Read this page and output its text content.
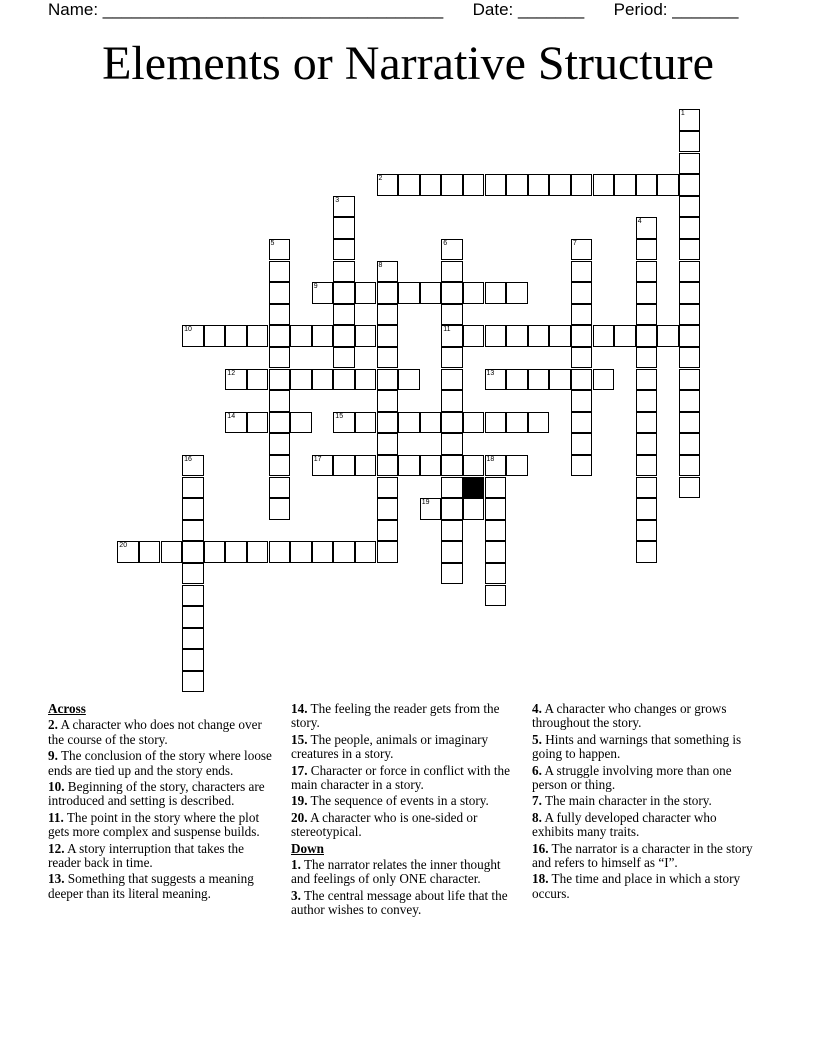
Name: ____________________________________ Date: _______ Period: _______
Elements or Narrative Structure
1
2
3
4
5	6
11
7
8
9
10
12	13
14	15
16	17	18
19
20
Across
2. A character who does not change over the course of the story.
9. The conclusion of the story where loose ends are tied up and the story ends.
10. Beginning of the story, characters are introduced and setting is described.
11. The point in the story where the plot gets more complex and suspense builds.
12. A story interruption that takes the reader back in time.
13. Something that suggests a meaning deeper than its literal meaning.
14. The feeling the reader gets from the story.
15. The people, animals or imaginary creatures in a story.
17. Character or force in conflict with the main character in a story.
19. The sequence of events in a story.
20. A character who is one-sided or stereotypical.
Down
1. The narrator relates the inner thought and feelings of only ONE character.
3. The central message about life that the author wishes to convey.
4. A character who changes or grows throughout the story.
5. Hints and warnings that something is going to happen.
6. A struggle involving more than one person or thing.
7. The main character in the story.
8. A fully developed character who exhibits many traits.
16. The narrator is a character in the story and refers to himself as “I”.
18. The time and place in which a story occurs.
